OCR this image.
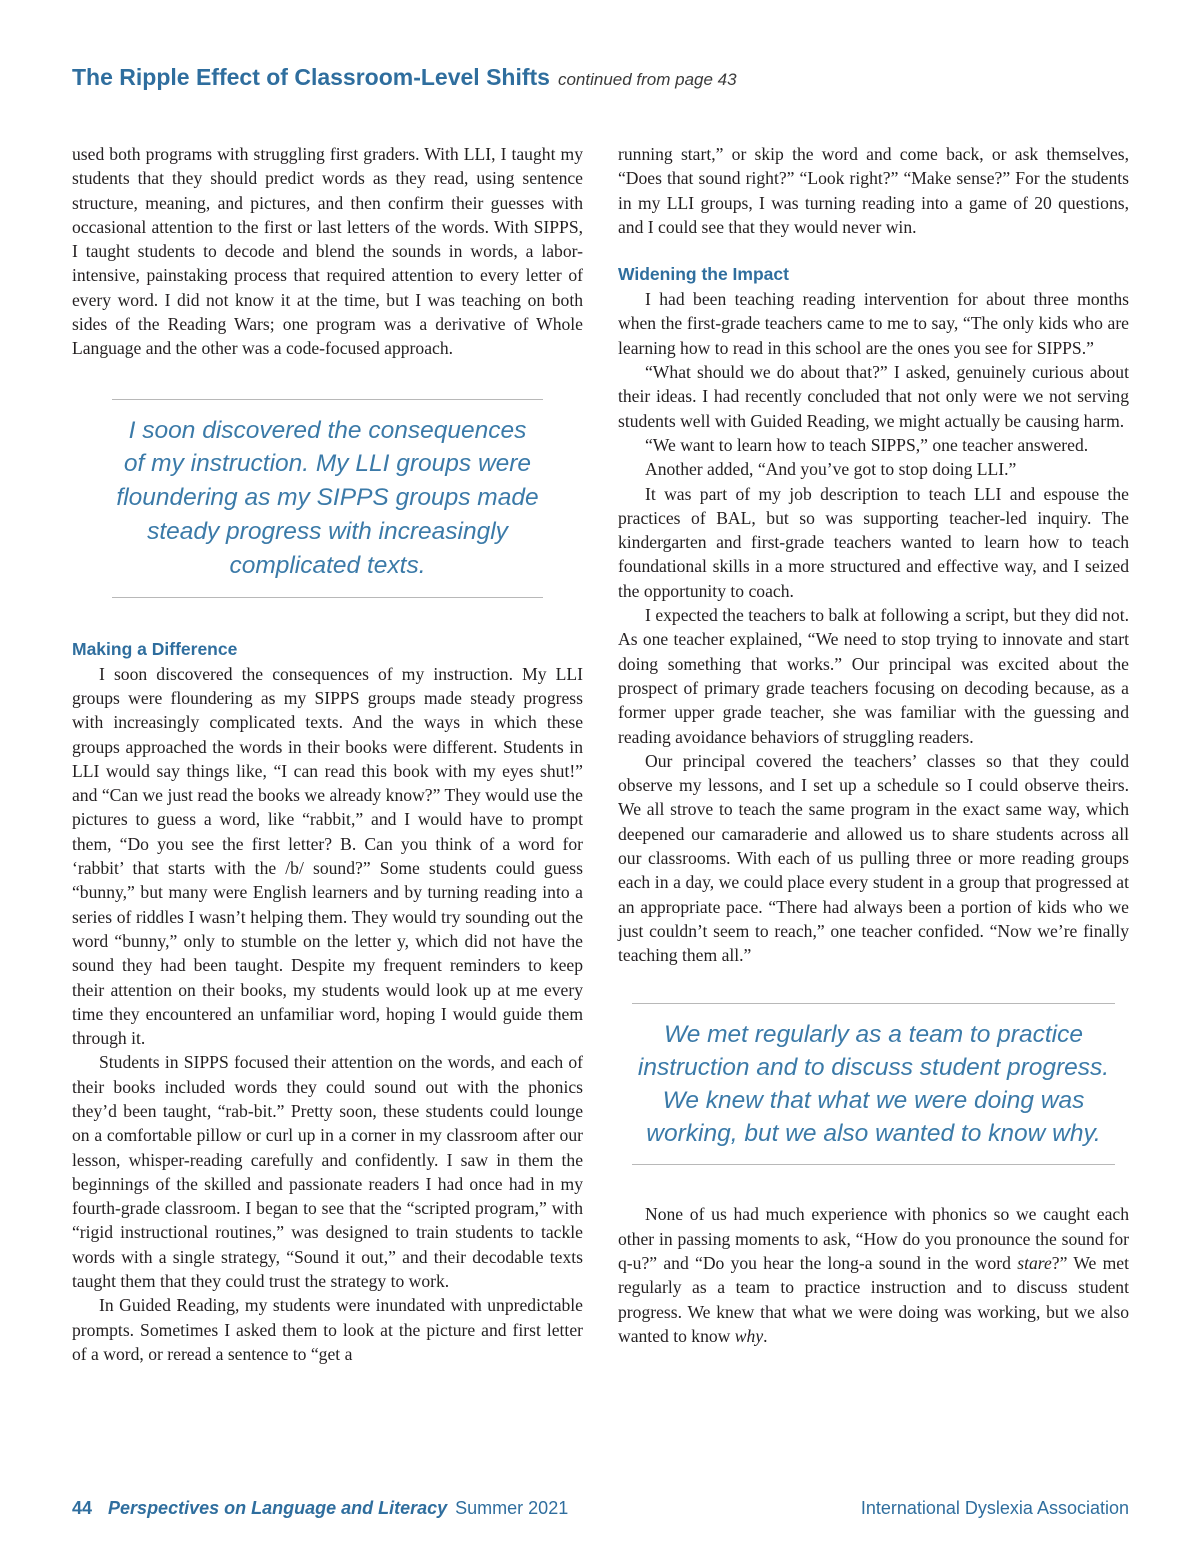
The Ripple Effect of Classroom-Level Shifts continued from page 43

used both programs with struggling first graders. With LLI, I taught my students that they should predict words as they read, using sentence structure, meaning, and pictures, and then confirm their guesses with occasional attention to the first or last letters of the words. With SIPPS, I taught students to decode and blend the sounds in words, a labor-intensive, painstaking process that required attention to every letter of every word. I did not know it at the time, but I was teaching on both sides of the Reading Wars; one program was a derivative of Whole Language and the other was a code-focused approach.

I soon discovered the consequences of my instruction. My LLI groups were floundering as my SIPPS groups made steady progress with increasingly complicated texts.
Making a Difference

I soon discovered the consequences of my instruction. My LLI groups were floundering as my SIPPS groups made steady progress with increasingly complicated texts. And the ways in which these groups approached the words in their books were different. Students in LLI would say things like, “I can read this book with my eyes shut!” and “Can we just read the books we already know?” They would use the pictures to guess a word, like “rabbit,” and I would have to prompt them, “Do you see the first letter? B. Can you think of a word for ‘rabbit’ that starts with the /b/ sound?” Some students could guess “bunny,” but many were English learners and by turning reading into a series of riddles I wasn’t helping them. They would try sounding out the word “bunny,” only to stumble on the letter y, which did not have the sound they had been taught. Despite my frequent reminders to keep their attention on their books, my students would look up at me every time they encountered an unfamiliar word, hoping I would guide them through it.

Students in SIPPS focused their attention on the words, and each of their books included words they could sound out with the phonics they’d been taught, “rab-bit.” Pretty soon, these students could lounge on a comfortable pillow or curl up in a corner in my classroom after our lesson, whisper-reading carefully and confidently. I saw in them the beginnings of the skilled and passionate readers I had once had in my fourth-grade classroom. I began to see that the “scripted program,” with “rigid instructional routines,” was designed to train students to tackle words with a single strategy, “Sound it out,” and their decodable texts taught them that they could trust the strategy to work.

In Guided Reading, my students were inundated with unpredictable prompts. Sometimes I asked them to look at the picture and first letter of a word, or reread a sentence to “get a

running start,” or skip the word and come back, or ask themselves, “Does that sound right?” “Look right?” “Make sense?” For the students in my LLI groups, I was turning reading into a game of 20 questions, and I could see that they would never win.

Widening the Impact

I had been teaching reading intervention for about three months when the first-grade teachers came to me to say, “The only kids who are learning how to read in this school are the ones you see for SIPPS.”

“What should we do about that?” I asked, genuinely curious about their ideas. I had recently concluded that not only were we not serving students well with Guided Reading, we might actually be causing harm.

“We want to learn how to teach SIPPS,” one teacher answered.

Another added, “And you’ve got to stop doing LLI.”

It was part of my job description to teach LLI and espouse the practices of BAL, but so was supporting teacher-led inquiry. The kindergarten and first-grade teachers wanted to learn how to teach foundational skills in a more structured and effective way, and I seized the opportunity to coach.

I expected the teachers to balk at following a script, but they did not. As one teacher explained, “We need to stop trying to innovate and start doing something that works.” Our principal was excited about the prospect of primary grade teachers focusing on decoding because, as a former upper grade teacher, she was familiar with the guessing and reading avoidance behaviors of struggling readers.

Our principal covered the teachers’ classes so that they could observe my lessons, and I set up a schedule so I could observe theirs. We all strove to teach the same program in the exact same way, which deepened our camaraderie and allowed us to share students across all our classrooms. With each of us pulling three or more reading groups each in a day, we could place every student in a group that progressed at an appropriate pace. “There had always been a portion of kids who we just couldn’t seem to reach,” one teacher confided. “Now we’re finally teaching them all.”

We met regularly as a team to practice instruction and to discuss student progress. We knew that what we were doing was working, but we also wanted to know why.

None of us had much experience with phonics so we caught each other in passing moments to ask, “How do you pronounce the sound for q-u?” and “Do you hear the long-a sound in the word stare?” We met regularly as a team to practice instruction and to discuss student progress. We knew that what we were doing was working, but we also wanted to know why.

44 Perspectives on Language and Literacy Summer 2021	International Dyslexia Association
